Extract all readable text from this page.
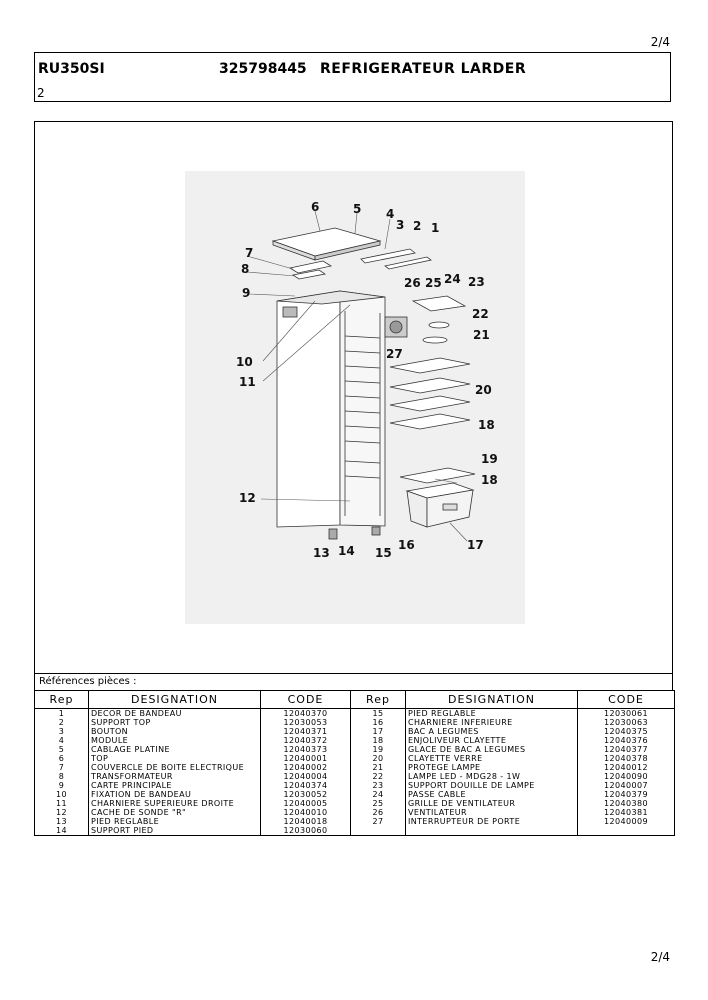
2/4
RU350SI	325798445 REFRIGERATEUR LARDER
2
6	5 4
3 2 1
7
8
9
26 25 24 23
22
21
27
10
11
20
18
19
18
12
17
13 14 15
16
Références pièces :
Rep	DESIGNATION	CODE	Rep	DESIGNATION	CODE
1	DECOR DE BANDEAU	12040370	15	PIED REGLABLE	12030061
2	SUPPORT TOP	12030053	16	CHARNIERE INFERIEURE	12030063
3	BOUTON	12040371	17	BAC A LEGUMES	12040375
4	MODULE	12040372	18	ENJOLIVEUR CLAYETTE	12040376
5	CABLAGE PLATINE	12040373	19	GLACE DE BAC A LEGUMES	12040377
6	TOP	12040001	20	CLAYETTE VERRE	12040378
7	COUVERCLE DE BOITE ELECTRIQUE	12040002	21	PROTEGE LAMPE	12040012
8	TRANSFORMATEUR	12040004	22	LAMPE LED - MDG28 - 1W	12040090
9	CARTE PRINCIPALE	12040374	23	SUPPORT DOUILLE DE LAMPE	12040007
10	FIXATION DE BANDEAU	12030052	24	PASSE CABLE	12040379
11	CHARNIERE SUPERIEURE DROITE	12040005	25	GRILLE DE VENTILATEUR	12040380
12	CACHE DE SONDE "R"	12040010	26	VENTILATEUR	12040381
13	PIED REGLABLE	12040018	27	INTERRUPTEUR DE PORTE	12040009
14	SUPPORT PIED	12030060			
2/4
